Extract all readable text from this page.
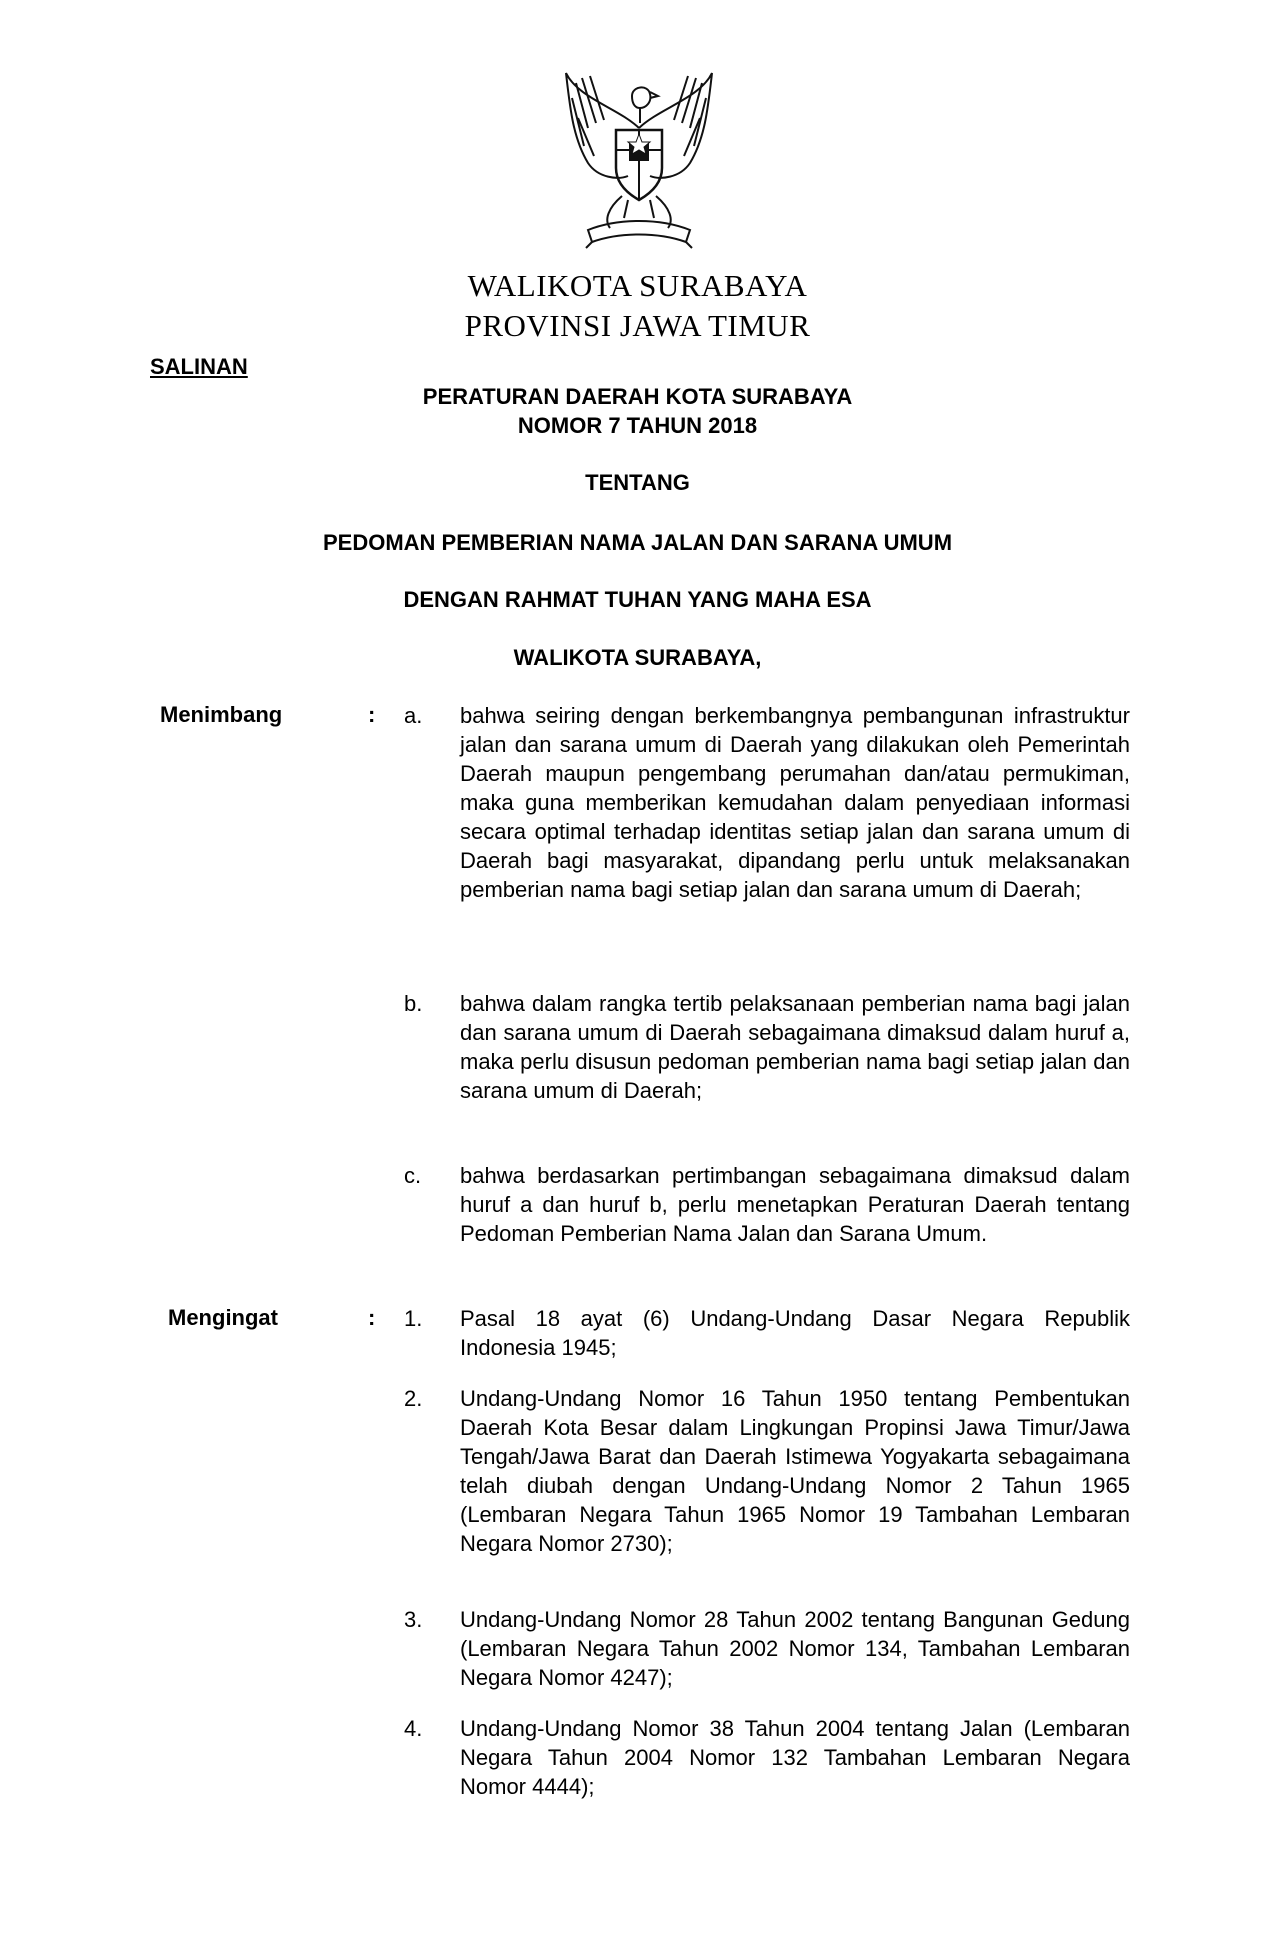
WALIKOTA SURABAYA
PROVINSI JAWA TIMUR
SALINAN
PERATURAN DAERAH KOTA SURABAYA
NOMOR 7 TAHUN 2018
TENTANG
PEDOMAN PEMBERIAN NAMA JALAN DAN SARANA UMUM
DENGAN RAHMAT TUHAN YANG MAHA ESA
WALIKOTA SURABAYA,
Menimbang	: a. bahwa seiring dengan berkembangnya pembangunan infrastruktur jalan dan sarana umum di Daerah yang dilakukan oleh Pemerintah Daerah maupun pengembang perumahan dan/atau permukiman, maka guna memberikan kemudahan dalam penyediaan informasi secara optimal terhadap identitas setiap jalan dan sarana umum di Daerah bagi masyarakat, dipandang perlu untuk melaksanakan pemberian nama bagi setiap jalan dan sarana umum di Daerah;
b. bahwa dalam rangka tertib pelaksanaan pemberian nama bagi jalan dan sarana umum di Daerah sebagaimana dimaksud dalam huruf a, maka perlu disusun pedoman pemberian nama bagi setiap jalan dan sarana umum di Daerah;
c. bahwa berdasarkan pertimbangan sebagaimana dimaksud dalam huruf a dan huruf b, perlu menetapkan Peraturan Daerah tentang Pedoman Pemberian Nama Jalan dan Sarana Umum.
Mengingat	: 1. Pasal 18 ayat (6) Undang-Undang Dasar Negara Republik Indonesia 1945;
2. Undang-Undang Nomor 16 Tahun 1950 tentang Pembentukan Daerah Kota Besar dalam Lingkungan Propinsi Jawa Timur/Jawa Tengah/Jawa Barat dan Daerah Istimewa Yogyakarta sebagaimana telah diubah dengan Undang-Undang Nomor 2 Tahun 1965 (Lembaran Negara Tahun 1965 Nomor 19 Tambahan Lembaran Negara Nomor 2730);
3. Undang-Undang Nomor 28 Tahun 2002 tentang Bangunan Gedung (Lembaran Negara Tahun 2002 Nomor 134, Tambahan Lembaran Negara Nomor 4247);
4. Undang-Undang Nomor 38 Tahun 2004 tentang Jalan (Lembaran Negara Tahun 2004 Nomor 132 Tambahan Lembaran Negara Nomor 4444);
